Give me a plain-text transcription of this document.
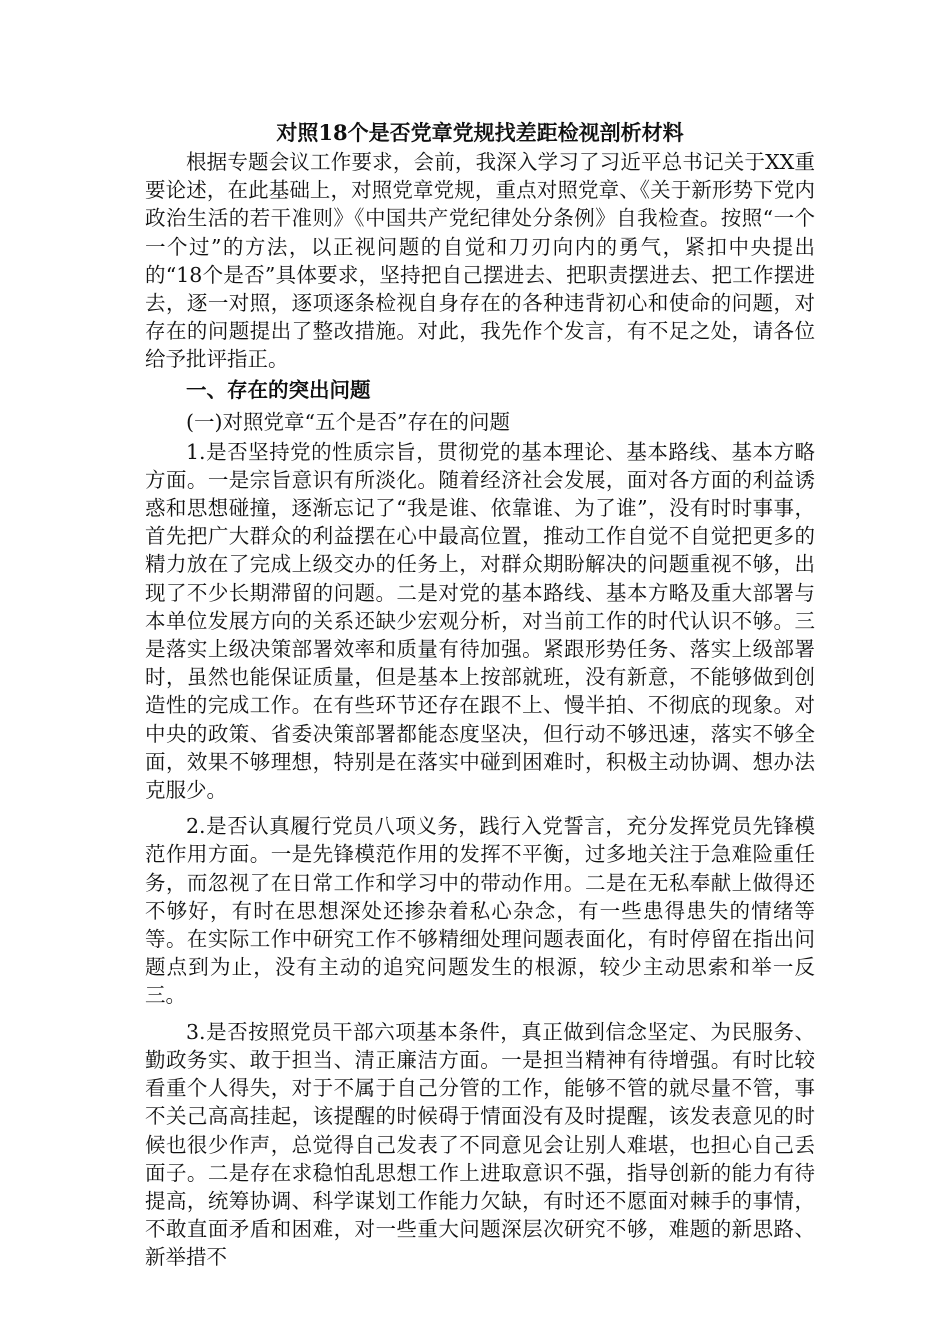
对照18个是否党章党规找差距检视剖析材料

根据专题会议工作要求，会前，我深入学习了习近平总书记关于XX重要论述，在此基础上，对照党章党规，重点对照党章、《关于新形势下党内政治生活的若干准则》《中国共产党纪律处分条例》自我检查。按照“一个一个过”的方法，以正视问题的自觉和刀刃向内的勇气，紧扣中央提出的“18个是否”具体要求，坚持把自己摆进去、把职责摆进去、把工作摆进去，逐一对照，逐项逐条检视自身存在的各种违背初心和使命的问题，对存在的问题提出了整改措施。对此，我先作个发言，有不足之处，请各位给予批评指正。

一、存在的突出问题

(一)对照党章“五个是否”存在的问题

1.是否坚持党的性质宗旨，贯彻党的基本理论、基本路线、基本方略方面。一是宗旨意识有所淡化。随着经济社会发展，面对各方面的利益诱惑和思想碰撞，逐渐忘记了“我是谁、依靠谁、为了谁”，没有时时事事，首先把广大群众的利益摆在心中最高位置，推动工作自觉不自觉把更多的精力放在了完成上级交办的任务上，对群众期盼解决的问题重视不够，出现了不少长期滞留的问题。二是对党的基本路线、基本方略及重大部署与本单位发展方向的关系还缺少宏观分析，对当前工作的时代认识不够。三是落实上级决策部署效率和质量有待加强。紧跟形势任务、落实上级部署时，虽然也能保证质量，但是基本上按部就班，没有新意，不能够做到创造性的完成工作。在有些环节还存在跟不上、慢半拍、不彻底的现象。对中央的政策、省委决策部署都能态度坚决，但行动不够迅速，落实不够全面，效果不够理想，特别是在落实中碰到困难时，积极主动协调、想办法克服少。

2.是否认真履行党员八项义务，践行入党誓言，充分发挥党员先锋模范作用方面。一是先锋模范作用的发挥不平衡，过多地关注于急难险重任务，而忽视了在日常工作和学习中的带动作用。二是在无私奉献上做得还不够好，有时在思想深处还掺杂着私心杂念，有一些患得患失的情绪等等。在实际工作中研究工作不够精细处理问题表面化，有时停留在指出问题点到为止，没有主动的追究问题发生的根源，较少主动思索和举一反三。

3.是否按照党员干部六项基本条件，真正做到信念坚定、为民服务、勤政务实、敢于担当、清正廉洁方面。一是担当精神有待增强。有时比较看重个人得失，对于不属于自己分管的工作，能够不管的就尽量不管，事不关己高高挂起，该提醒的时候碍于情面没有及时提醒，该发表意见的时候也很少作声，总觉得自己发表了不同意见会让别人难堪，也担心自己丢面子。二是存在求稳怕乱思想工作上进取意识不强，指导创新的能力有待提高，统筹协调、科学谋划工作能力欠缺，有时还不愿面对棘手的事情，不敢直面矛盾和困难，对一些重大问题深层次研究不够，难题的新思路、新举措不
